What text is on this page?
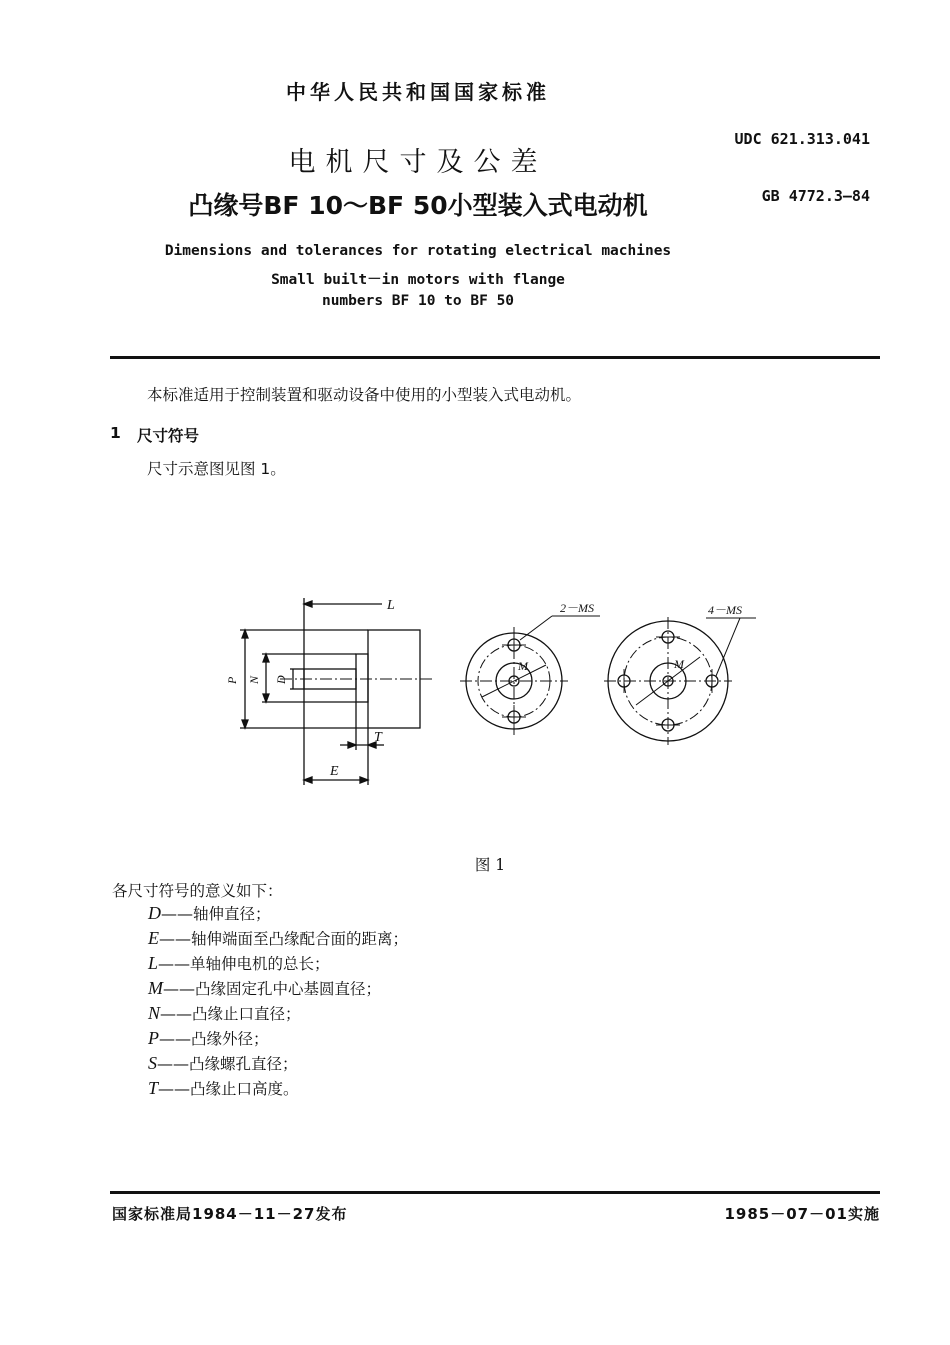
中华人民共和国国家标准
电机尺寸及公差
凸缘号BF 10～BF 50小型装入式电动机
UDC 621.313.041
GB 4772.3—84
Dimensions and tolerances for rotating electrical machines
Small built－in motors with flange
numbers BF 10 to BF 50
本标准适用于控制装置和驱动设备中使用的小型装入式电动机。
1 尺寸符号
尺寸示意图见图 1。
L
P N D
T
E
2－MS	4－MS
M	M
图 1
各尺寸符号的意义如下：
D——轴伸直径；
E——轴伸端面至凸缘配合面的距离；
L——单轴伸电机的总长；
M——凸缘固定孔中心基圆直径；
N——凸缘止口直径；
P——凸缘外径；
S——凸缘螺孔直径；
T——凸缘止口高度。
国家标准局1984－11－27发布	1985－07－01实施
